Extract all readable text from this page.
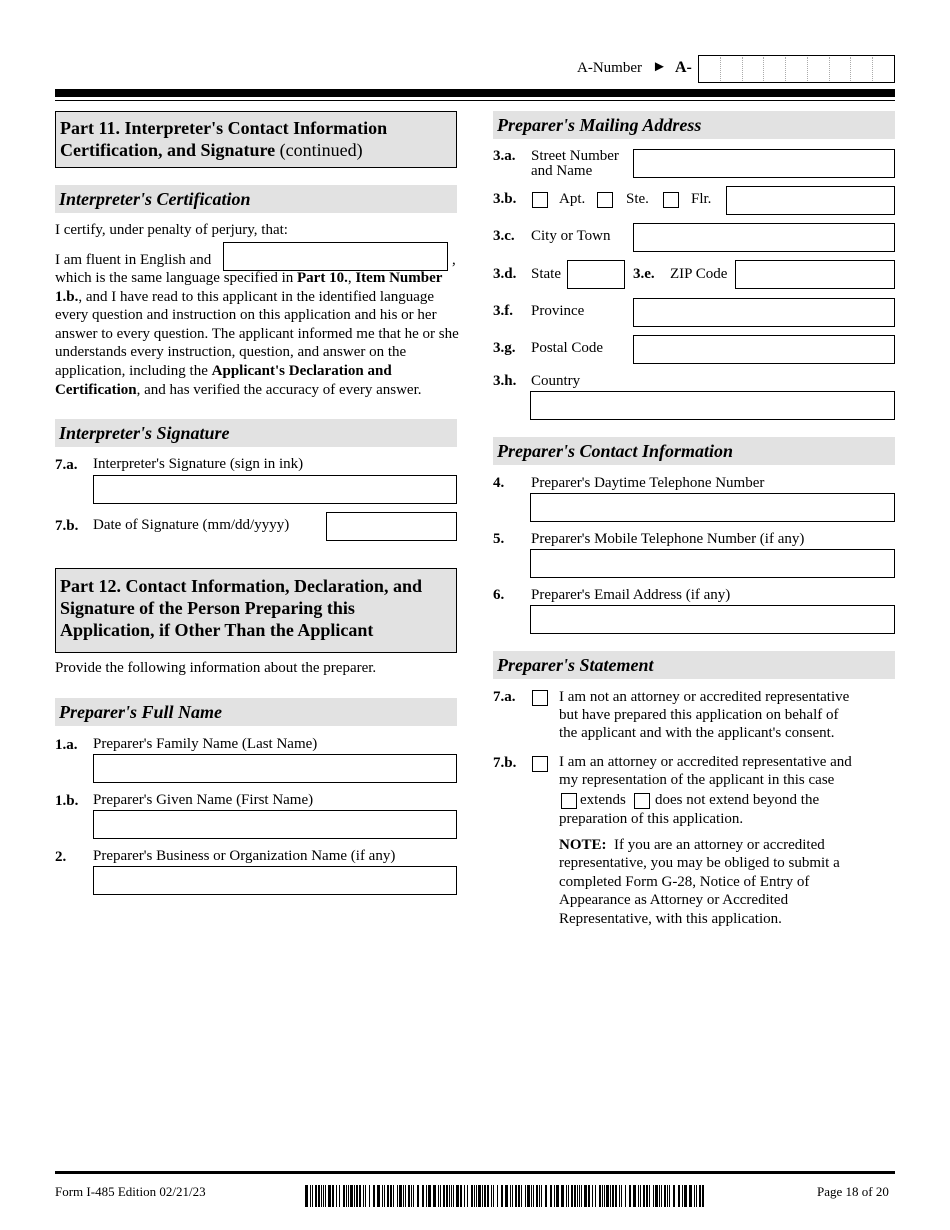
A-Number ► A-
Part 11. Interpreter's Contact Information Certification, and Signature (continued)
Interpreter's Certification
I certify, under penalty of perjury, that:
I am fluent in English and	,
which is the same language specified in Part 10., Item Number 1.b., and I have read to this applicant in the identified language every question and instruction on this application and his or her answer to every question. The applicant informed me that he or she understands every instruction, question, and answer on the application, including the Applicant's Declaration and Certification, and has verified the accuracy of every answer.
Interpreter's Signature
7.a. Interpreter's Signature (sign in ink)
7.b. Date of Signature (mm/dd/yyyy)
Part 12. Contact Information, Declaration, and Signature of the Person Preparing this Application, if Other Than the Applicant
Provide the following information about the preparer.
Preparer's Full Name
1.a. Preparer's Family Name (Last Name)
1.b. Preparer's Given Name (First Name)
2. Preparer's Business or Organization Name (if any)
Preparer's Mailing Address
3.a. Street Number
and Name
3.b.	Apt.	Ste.	Flr.
3.c. City or Town
3.d. State	3.e. ZIP Code
3.f. Province
3.g. Postal Code
3.h. Country
Preparer's Contact Information
4. Preparer's Daytime Telephone Number
5. Preparer's Mobile Telephone Number (if any)
6. Preparer's Email Address (if any)
Preparer's Statement
7.a.	I am not an attorney or accredited representative
but have prepared this application on behalf of
the applicant and with the applicant's consent.
7.b.	I am an attorney or accredited representative and
my representation of the applicant in this case
extends does not extend beyond the
preparation of this application.
NOTE: If you are an attorney or accredited
representative, you may be obliged to submit a
completed Form G-28, Notice of Entry of
Appearance as Attorney or Accredited
Representative, with this application.
Form I-485 Edition 02/21/23	Page 18 of 20
